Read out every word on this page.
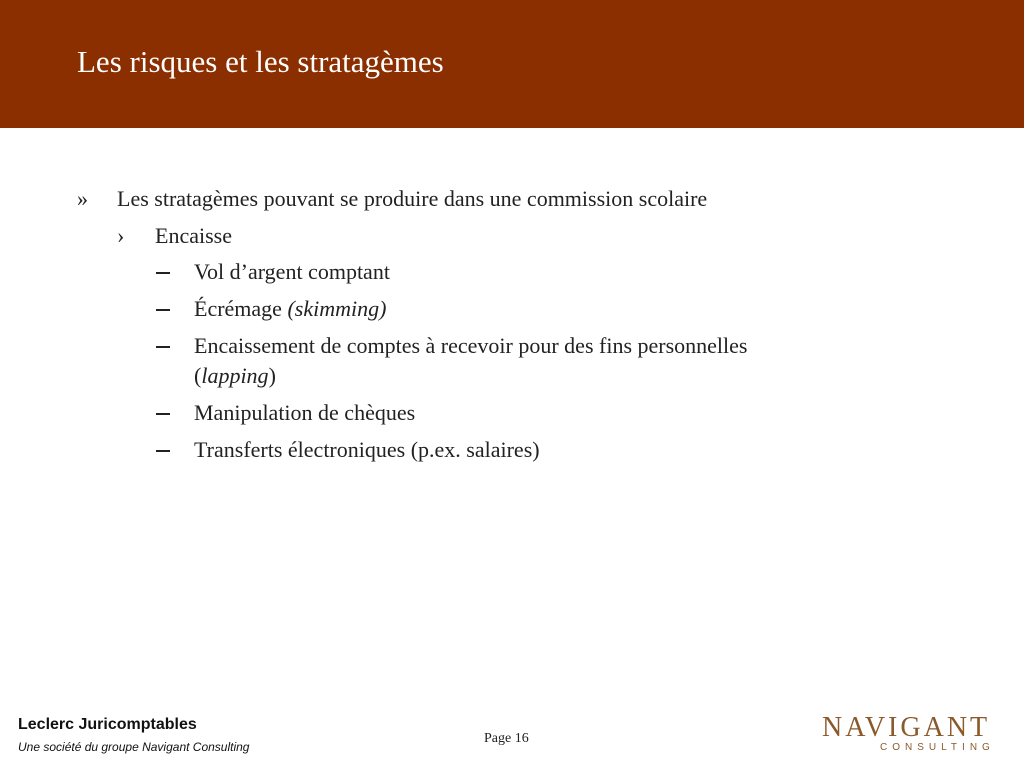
Les risques et les stratagèmes
» Les stratagèmes pouvant se produire dans une commission scolaire
› Encaisse
Vol d’argent comptant
Écrémage (skimming)
Encaissement de comptes à recevoir pour des fins personnelles
(lapping)
Manipulation de chèques
Transferts électroniques (p.ex. salaires)
Leclerc Juricomptables
Une société du groupe Navigant Consulting
Page 16	NAVIGANT
CONSULTING
